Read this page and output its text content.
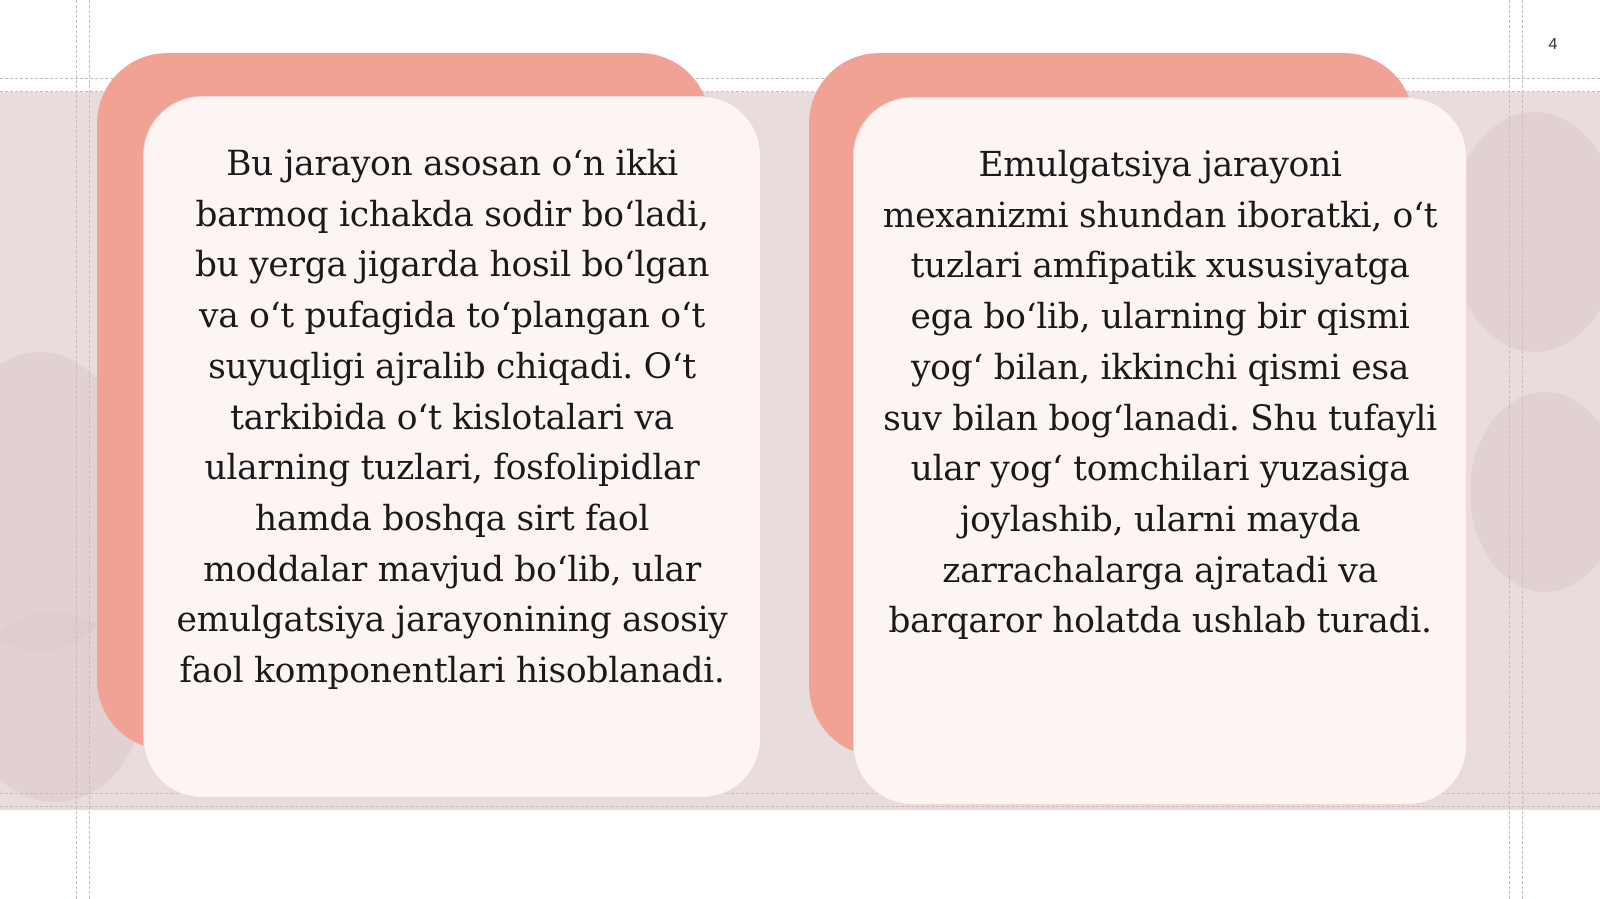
4

Bu jarayon asosan o‘n ikki barmoq ichakda sodir bo‘ladi, bu yerga jigarda hosil bo‘lgan va o‘t pufagida to‘plangan o‘t suyuqligi ajralib chiqadi. O‘t tarkibida o‘t kislotalari va ularning tuzlari, fosfolipidlar hamda boshqa sirt faol moddalar mavjud bo‘lib, ular emulgatsiya jarayonining asosiy faol komponentlari hisoblanadi.

Emulgatsiya jarayoni mexanizmi shundan iboratki, o‘t tuzlari amfipatik xususiyatga ega bo‘lib, ularning bir qismi yog‘ bilan, ikkinchi qismi esa suv bilan bog‘lanadi. Shu tufayli ular yog‘ tomchilari yuzasiga joylashib, ularni mayda zarrachalarga ajratadi va barqaror holatda ushlab turadi.
